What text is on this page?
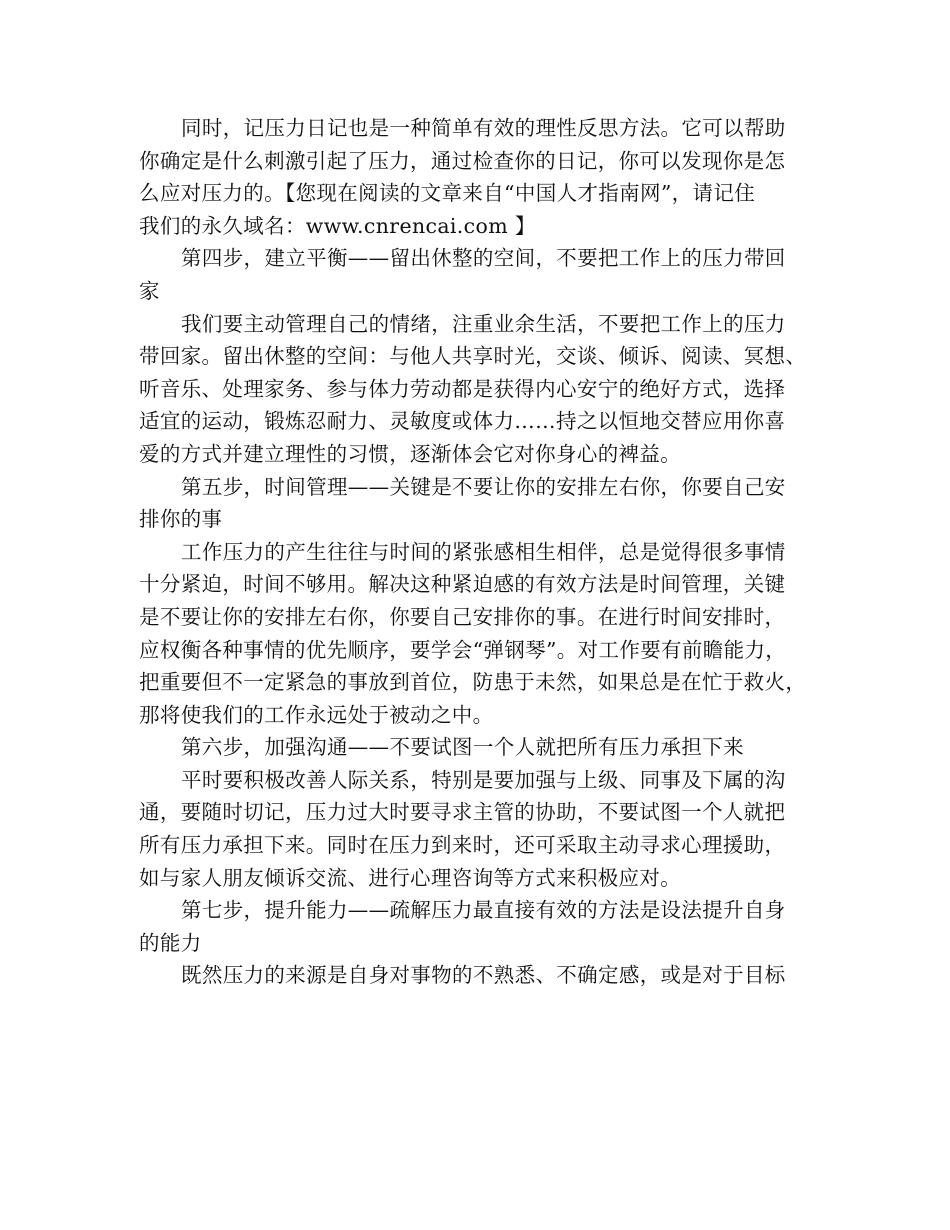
同时，记压力日记也是一种简单有效的理性反思方法。它可以帮助
你确定是什么刺激引起了压力，通过检查你的日记，你可以发现你是怎
么应对压力的。【您现在阅读的文章来自“中国人才指南网”，请记住
我们的永久域名：www.cnrencai.com 】

第四步，建立平衡——留出休整的空间，不要把工作上的压力带回
家

我们要主动管理自己的情绪，注重业余生活，不要把工作上的压力
带回家。留出休整的空间：与他人共享时光，交谈、倾诉、阅读、冥想、
听音乐、处理家务、参与体力劳动都是获得内心安宁的绝好方式，选择
适宜的运动，锻炼忍耐力、灵敏度或体力……持之以恒地交替应用你喜
爱的方式并建立理性的习惯，逐渐体会它对你身心的裨益。

第五步，时间管理——关键是不要让你的安排左右你，你要自己安
排你的事

工作压力的产生往往与时间的紧张感相生相伴，总是觉得很多事情
十分紧迫，时间不够用。解决这种紧迫感的有效方法是时间管理，关键
是不要让你的安排左右你，你要自己安排你的事。在进行时间安排时，
应权衡各种事情的优先顺序，要学会“弹钢琴”。对工作要有前瞻能力，
把重要但不一定紧急的事放到首位，防患于未然，如果总是在忙于救火，
那将使我们的工作永远处于被动之中。

第六步，加强沟通——不要试图一个人就把所有压力承担下来

平时要积极改善人际关系，特别是要加强与上级、同事及下属的沟
通，要随时切记，压力过大时要寻求主管的协助，不要试图一个人就把
所有压力承担下来。同时在压力到来时，还可采取主动寻求心理援助，
如与家人朋友倾诉交流、进行心理咨询等方式来积极应对。

第七步，提升能力——疏解压力最直接有效的方法是设法提升自身
的能力

既然压力的来源是自身对事物的不熟悉、不确定感，或是对于目标
